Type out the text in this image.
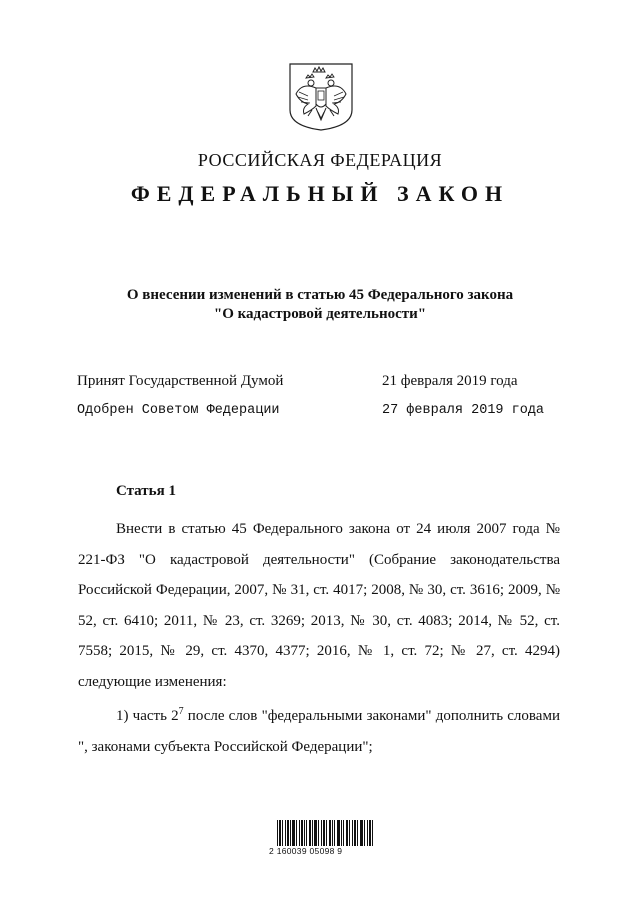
РОССИЙСКАЯ ФЕДЕРАЦИЯ
ФЕДЕРАЛЬНЫЙ ЗАКОН
О внесении изменений в статью 45 Федерального закона
"О кадастровой деятельности"
Принят Государственной Думой	21 февраля 2019 года
Одобрен Советом Федерации	27 февраля 2019 года
Статья 1

Внести в статью 45 Федерального закона от 24 июля 2007 года № 221-ФЗ "О кадастровой деятельности" (Собрание законодательства Российской Федерации, 2007, № 31, ст. 4017; 2008, № 30, ст. 3616; 2009, № 52, ст. 6410; 2011, № 23, ст. 3269; 2013, № 30, ст. 4083; 2014, № 52, ст. 7558; 2015, № 29, ст. 4370, 4377; 2016, № 1, ст. 72; № 27, ст. 4294) следующие изменения:

1) часть $2^7$ после слов "федеральными законами" дополнить словами ", законами субъекта Российской Федерации";

2 160039 05098 9
